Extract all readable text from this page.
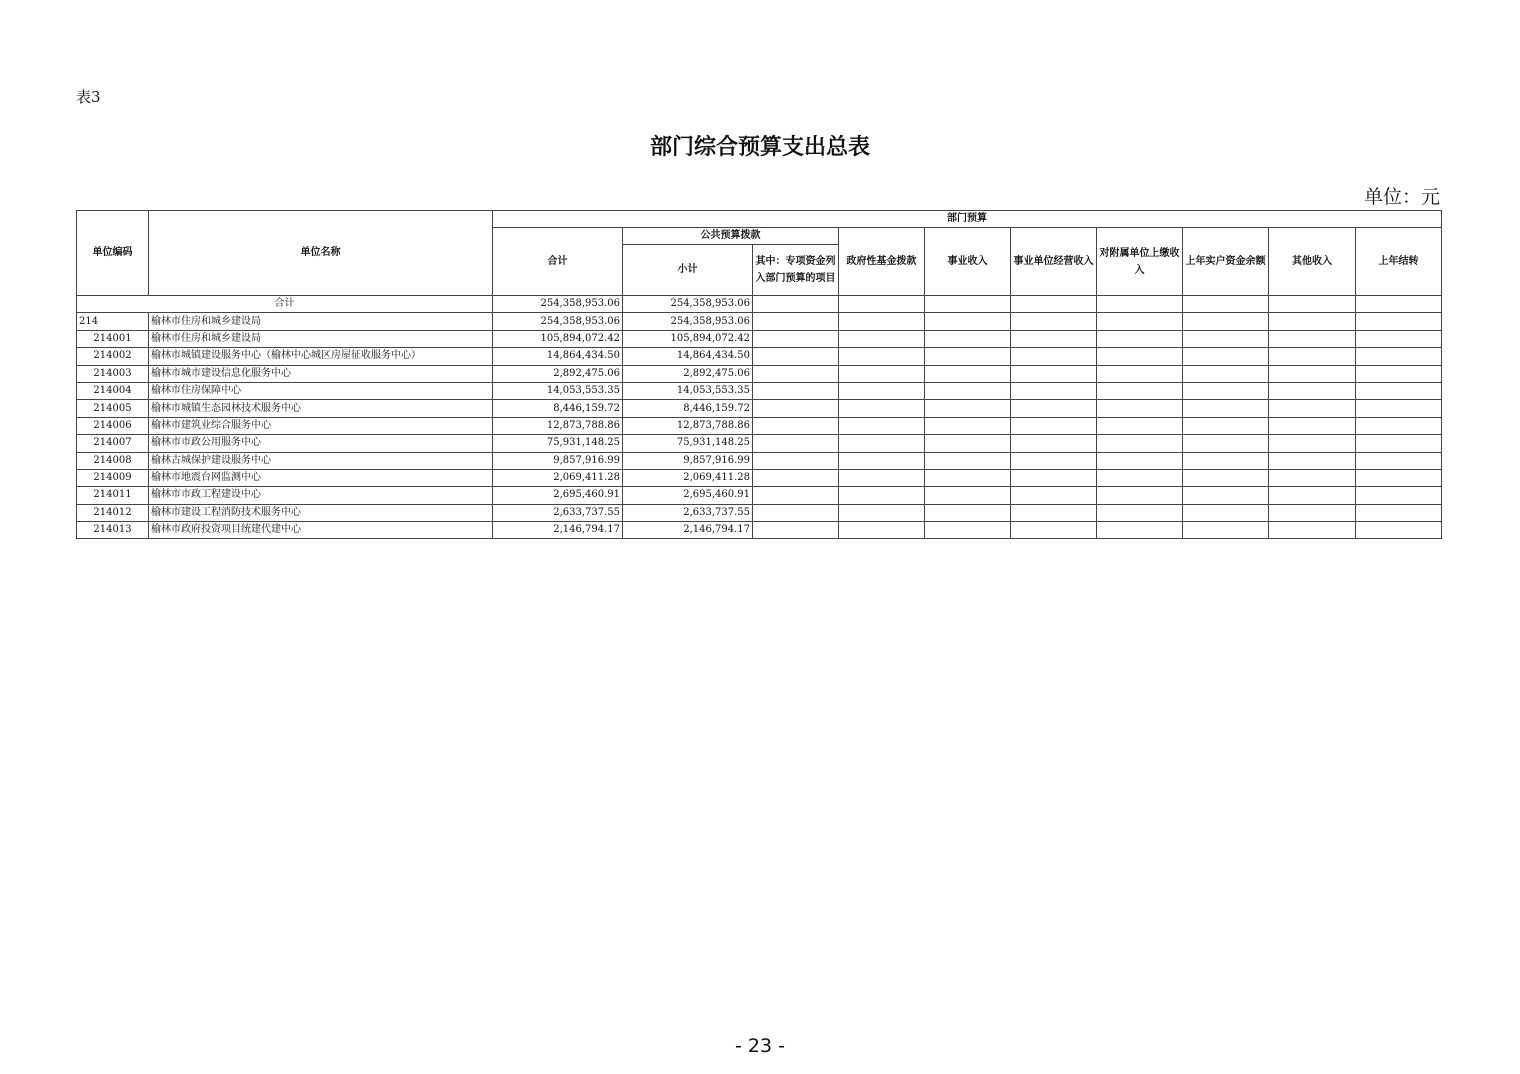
表3
部门综合预算支出总表
单位：元
单位编码	单位名称	部门预算									
		合计	公共预算拨款		政府性基金拨款	事业收入	事业单位经营收入	对附属单位上缴收入	上年实户资金余额	其他收入	上年结转
			小计	其中：专项资金列入部门预算的项目							
合计		254,358,953.06	254,358,953.06								
214	榆林市住房和城乡建设局	254,358,953.06	254,358,953.06								
214001	榆林市住房和城乡建设局	105,894,072.42	105,894,072.42								
214002	榆林市城镇建设服务中心（榆林中心城区房屋征收服务中心）	14,864,434.50	14,864,434.50								
214003	榆林市城市建设信息化服务中心	2,892,475.06	2,892,475.06								
214004	榆林市住房保障中心	14,053,553.35	14,053,553.35								
214005	榆林市城镇生态园林技术服务中心	8,446,159.72	8,446,159.72								
214006	榆林市建筑业综合服务中心	12,873,788.86	12,873,788.86								
214007	榆林市市政公用服务中心	75,931,148.25	75,931,148.25								
214008	榆林古城保护建设服务中心	9,857,916.99	9,857,916.99								
214009	榆林市地震台网监测中心	2,069,411.28	2,069,411.28								
214011	榆林市市政工程建设中心	2,695,460.91	2,695,460.91								
214012	榆林市建设工程消防技术服务中心	2,633,737.55	2,633,737.55								
214013	榆林市政府投资项目统建代建中心	2,146,794.17	2,146,794.17								
- 23 -
